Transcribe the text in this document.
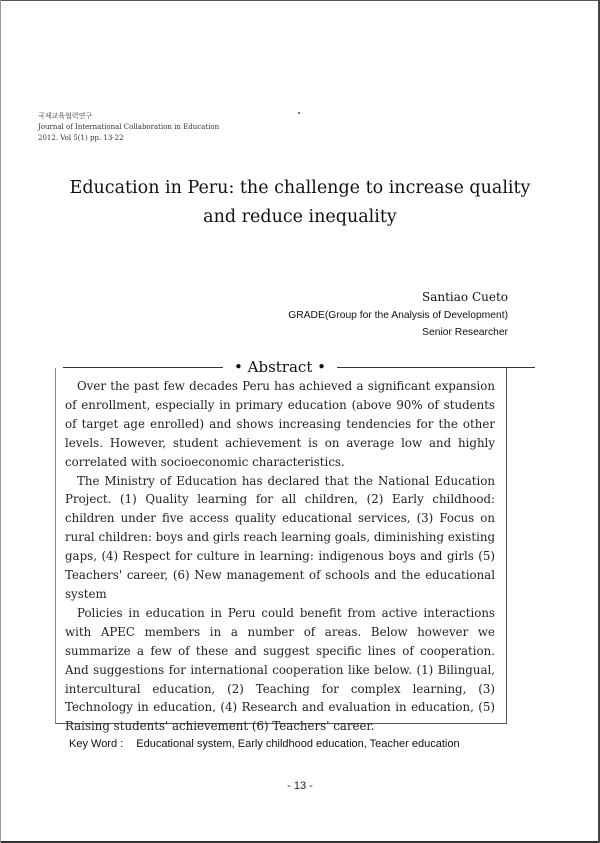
국제교육협력연구
Journal of International Collaboration in Education
2012. Vol 5(1) pp. 13-22
Education in Peru: the challenge to increase quality
and reduce inequality
Santiao Cueto
GRADE(Group for the Analysis of Development)
Senior Researcher
• Abstract •

Over the past few decades Peru has achieved a significant expansion of enrollment, especially in primary education (above 90% of students of target age enrolled) and shows increasing tendencies for the other levels. However, student achievement is on average low and highly correlated with socioeconomic characteristics.

The Ministry of Education has declared that the National Education Project. (1) Quality learning for all children, (2) Early childhood: children under five access quality educational services, (3) Focus on rural children: boys and girls reach learning goals, diminishing existing gaps, (4) Respect for culture in learning: indigenous boys and girls (5) Teachers' career, (6) New management of schools and the educational system

Policies in education in Peru could benefit from active interactions with APEC members in a number of areas. Below however we summarize a few of these and suggest specific lines of cooperation. And suggestions for international cooperation like below. (1) Bilingual, intercultural education, (2) Teaching for complex learning, (3) Technology in education, (4) Research and evaluation in education, (5) Raising students' achievement (6) Teachers' career.

Key Word : Educational system, Early childhood education, Teacher education
- 13 -
